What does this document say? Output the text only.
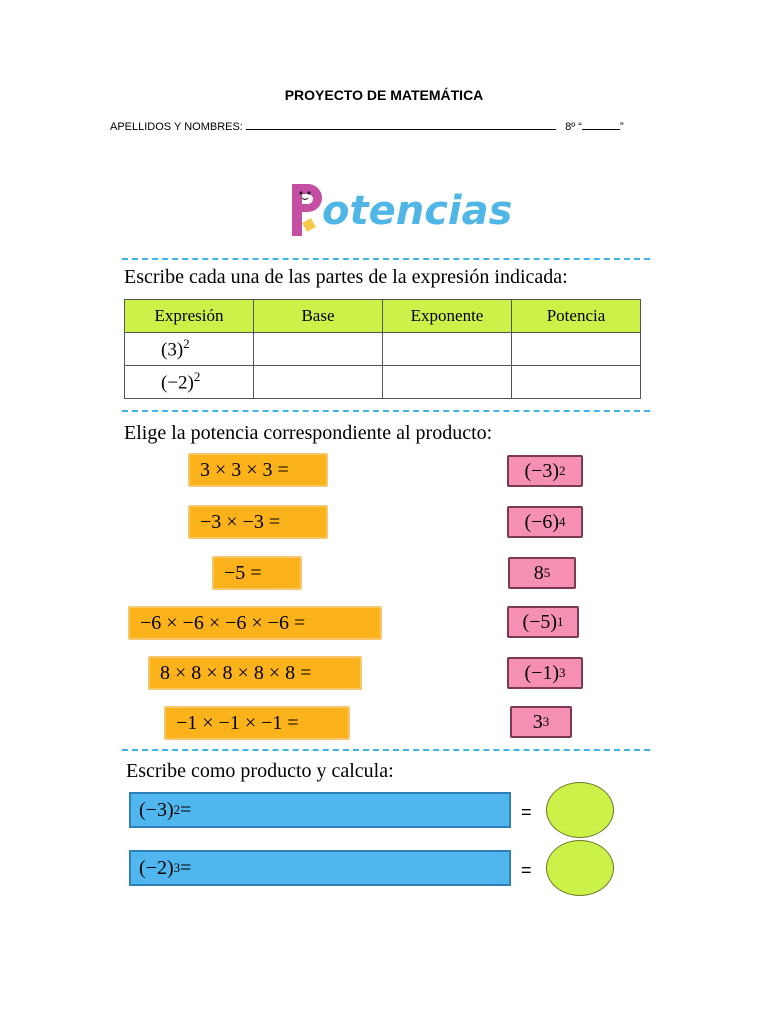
PROYECTO DE MATEMÁTICA
APELLIDOS Y NOMBRES:	8º “	”
otencias
Escribe cada una de las partes de la expresión indicada:
Expresión	Base	Exponente	Potencia
$(3)^2$			
$(-2)^2$			
Elige la potencia correspondiente al producto:
3 × 3 × 3 =
−3 × −3 =
−5 =
−6 × −6 × −6 × −6 =
8 × 8 × 8 × 8 × 8 =
−1 × −1 × −1 =
(−3) 2
(−6) 4
8 5
(−5) 1
(−1) 3
3 3
Escribe como producto y calcula:
(−3) 2 =	=
(−2) 3 =	=
